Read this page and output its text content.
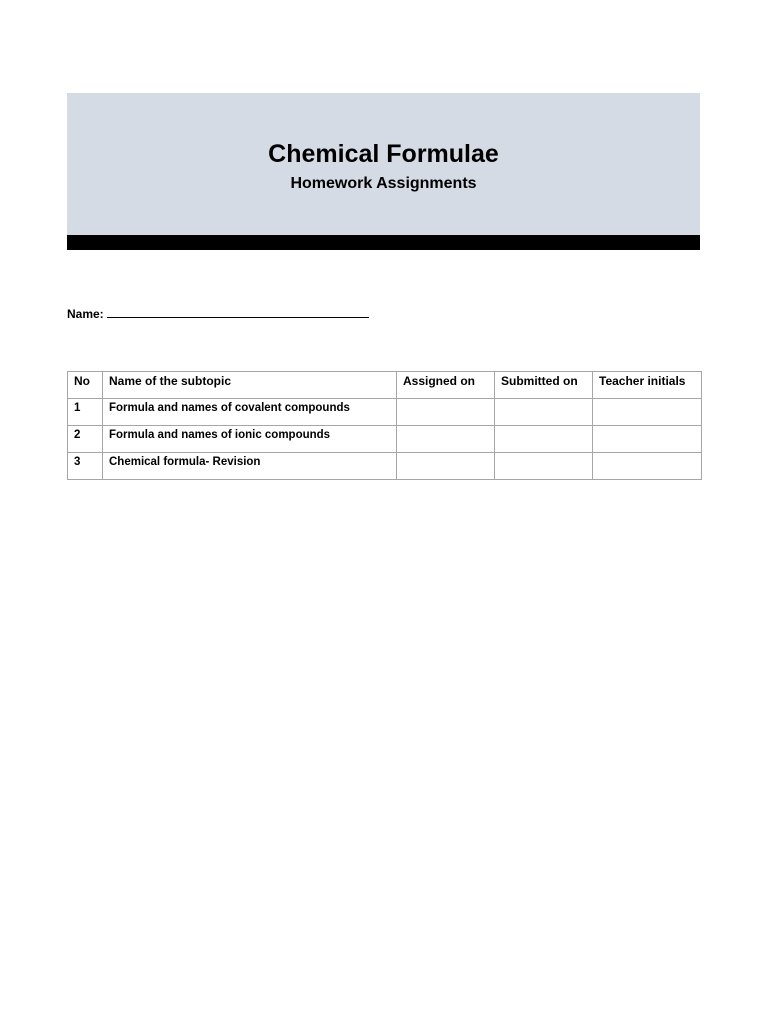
Chemical Formulae
Homework Assignments
Name:
No	Name of the subtopic	Assigned on	Submitted on	Teacher initials
1	Formula and names of covalent compounds			
2	Formula and names of ionic compounds			
3	Chemical formula- Revision			
